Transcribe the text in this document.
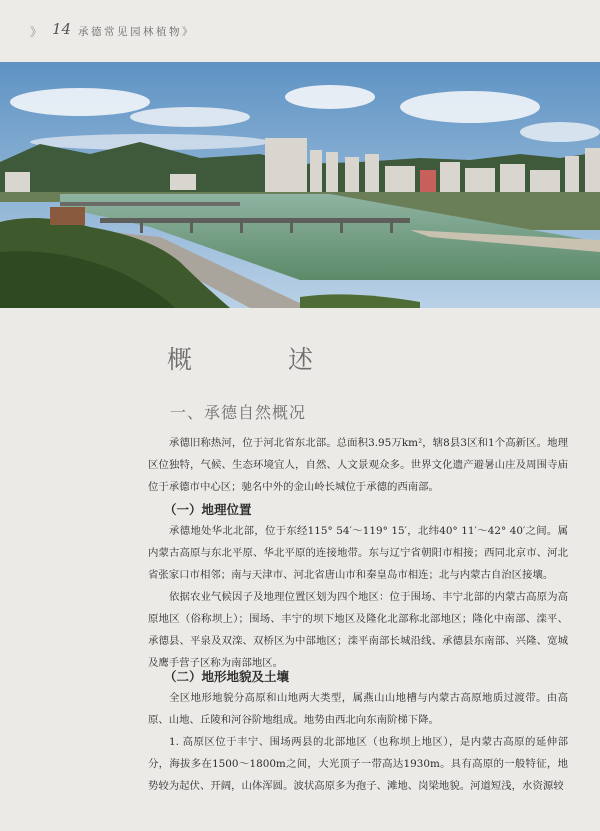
》 14 承德常见园林植物》
概 述
一、承德自然概况

承德旧称热河，位于河北省东北部。总面积3.95万km²，辖8县3区和1个高新区。地理区位独特，气候、生态环境宜人，自然、人文景观众多。世界文化遗产避暑山庄及周围寺庙位于承德市中心区；驰名中外的金山岭长城位于承德的西南部。

（一）地理位置

承德地处华北北部，位于东经115° 54′～119° 15′，北纬40° 11′～42° 40′之间。属内蒙古高原与东北平原、华北平原的连接地带。东与辽宁省朝阳市相接；西同北京市、河北省张家口市相邻；南与天津市、河北省唐山市和秦皇岛市相连；北与内蒙古自治区接壤。

依据农业气候因子及地理位置区划为四个地区：位于围场、丰宁北部的内蒙古高原为高原地区（俗称坝上）；围场、丰宁的坝下地区及隆化北部称北部地区；隆化中南部、滦平、承德县、平泉及双滦、双桥区为中部地区；滦平南部长城沿线、承德县东南部、兴隆、宽城及鹰手营子区称为南部地区。

（二）地形地貌及土壤

全区地形地貌分高原和山地两大类型，属燕山山地槽与内蒙古高原地质过渡带。由高原、山地、丘陵和河谷阶地组成。地势由西北向东南阶梯下降。

1. 高原区位于丰宁、围场两县的北部地区（也称坝上地区），是内蒙古高原的延伸部分，海拔多在1500～1800m之间，大光顶子一带高达1930m。具有高原的一般特征，地势较为起伏、开阔，山体浑圆。波状高原多为孢子、滩地、岗梁地貌。河道短浅，水资源较
